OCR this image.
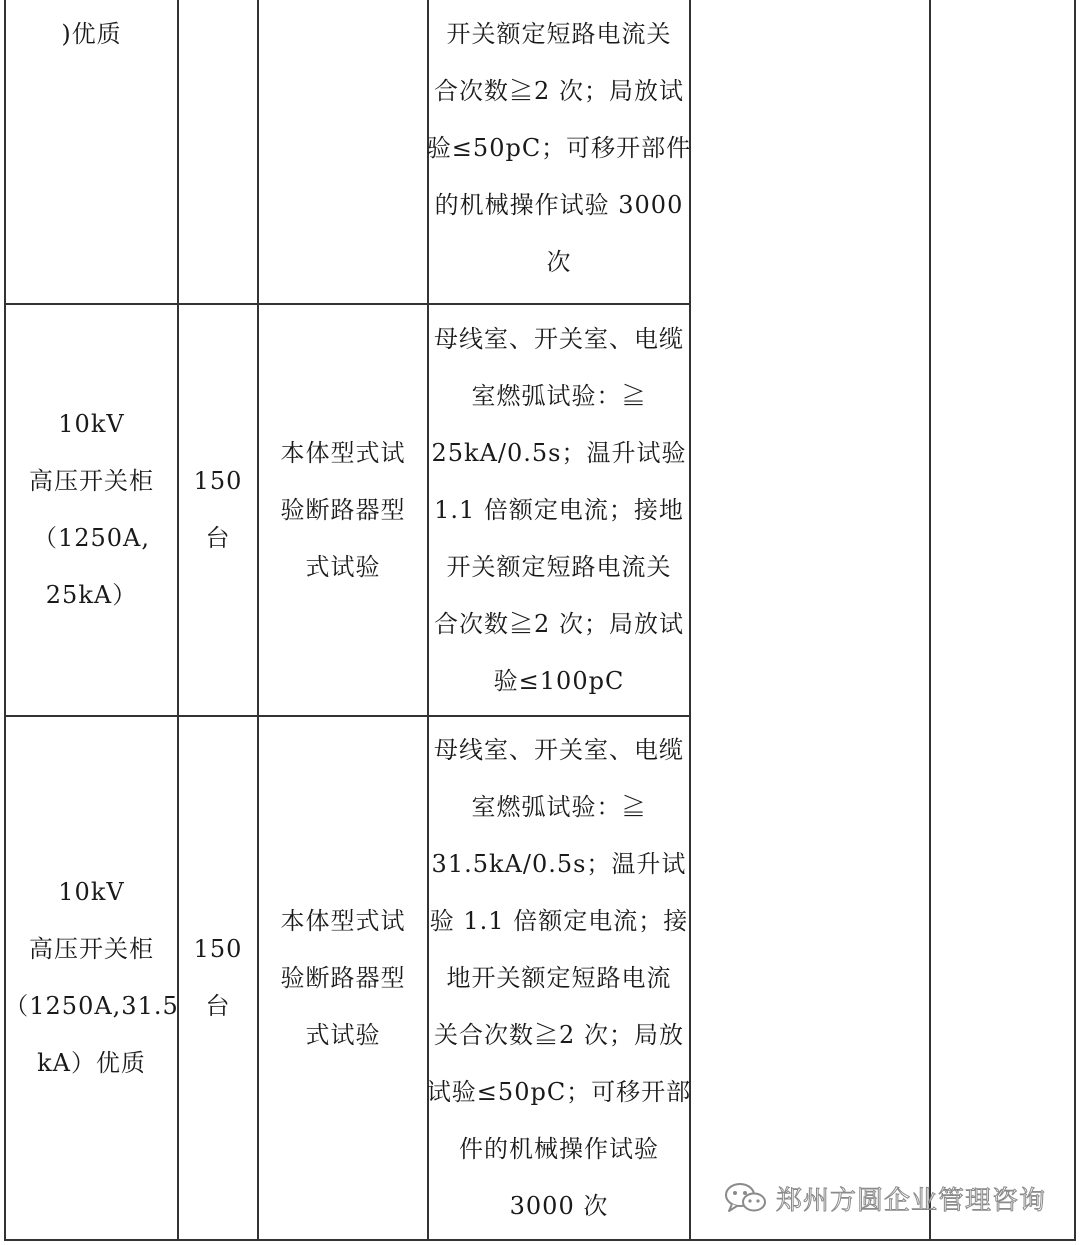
)优质	开关额定短路电流关
合次数≧2 次；局放试
验≤50pC；可移开部件
的机械操作试验 3000
次
10kV
高压开关柜
（1250A,
25kA）
150
台
本体型式试
验断路器型
式试验
母线室、开关室、电缆
室燃弧试验：≧
25kA/0.5s；温升试验
1.1 倍额定电流；接地
开关额定短路电流关
合次数≧2 次；局放试
验≤100pC
10kV
高压开关柜
（1250A,31.5
kA）优质
150
台
本体型式试
验断路器型
式试验
母线室、开关室、电缆
室燃弧试验：≧
31.5kA/0.5s；温升试
验 1.1 倍额定电流；接
地开关额定短路电流
关合次数≧2 次；局放
试验≤50pC；可移开部
件的机械操作试验
3000 次	郑州方圆企业管理咨询
